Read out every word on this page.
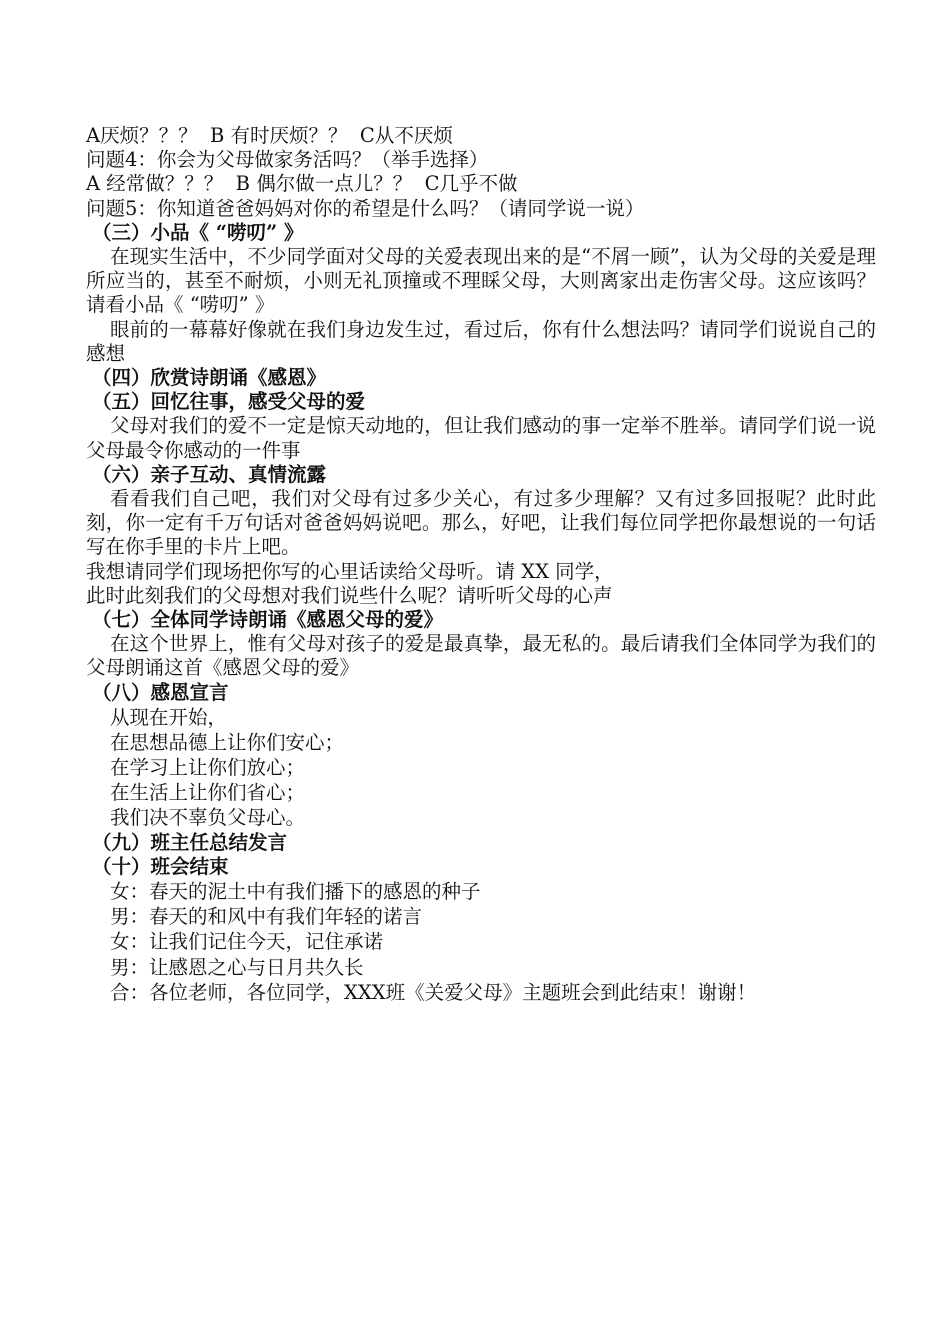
A厌烦？？？  B 有时厌烦？？  C从不厌烦
问题4：你会为父母做家务活吗？（举手选择）
A 经常做？？？  B 偶尔做一点儿？？  C几乎不做
问题5：你知道爸爸妈妈对你的希望是什么吗？（请同学说一说）
（三）小品《 “唠叨” 》
在现实生活中，不少同学面对父母的关爱表现出来的是“不屑一顾”，认为父母的关爱是理所应当的，甚至不耐烦，小则无礼顶撞或不理睬父母，大则离家出走伤害父母。这应该吗？请看小品《 “唠叨” 》
眼前的一幕幕好像就在我们身边发生过，看过后，你有什么想法吗？请同学们说说自己的感想
（四）欣赏诗朗诵《感恩》
（五）回忆往事，感受父母的爱
父母对我们的爱不一定是惊天动地的，但让我们感动的事一定举不胜举。请同学们说一说父母最令你感动的一件事
（六）亲子互动、真情流露
看看我们自己吧，我们对父母有过多少关心，有过多少理解？又有过多回报呢？此时此刻，你一定有千万句话对爸爸妈妈说吧。那么，好吧，让我们每位同学把你最想说的一句话写在你手里的卡片上吧。
我想请同学们现场把你写的心里话读给父母听。请 XX 同学，
此时此刻我们的父母想对我们说些什么呢？请听听父母的心声
（七）全体同学诗朗诵《感恩父母的爱》
在这个世界上，惟有父母对孩子的爱是最真挚，最无私的。最后请我们全体同学为我们的父母朗诵这首《感恩父母的爱》
（八）感恩宣言
从现在开始，
在思想品德上让你们安心；
在学习上让你们放心；
在生活上让你们省心；
我们决不辜负父母心。
（九）班主任总结发言
（十）班会结束
女：春天的泥土中有我们播下的感恩的种子
男：春天的和风中有我们年轻的诺言
女：让我们记住今天，记住承诺
男：让感恩之心与日月共久长
合：各位老师，各位同学，XXX班《关爱父母》主题班会到此结束！谢谢！
